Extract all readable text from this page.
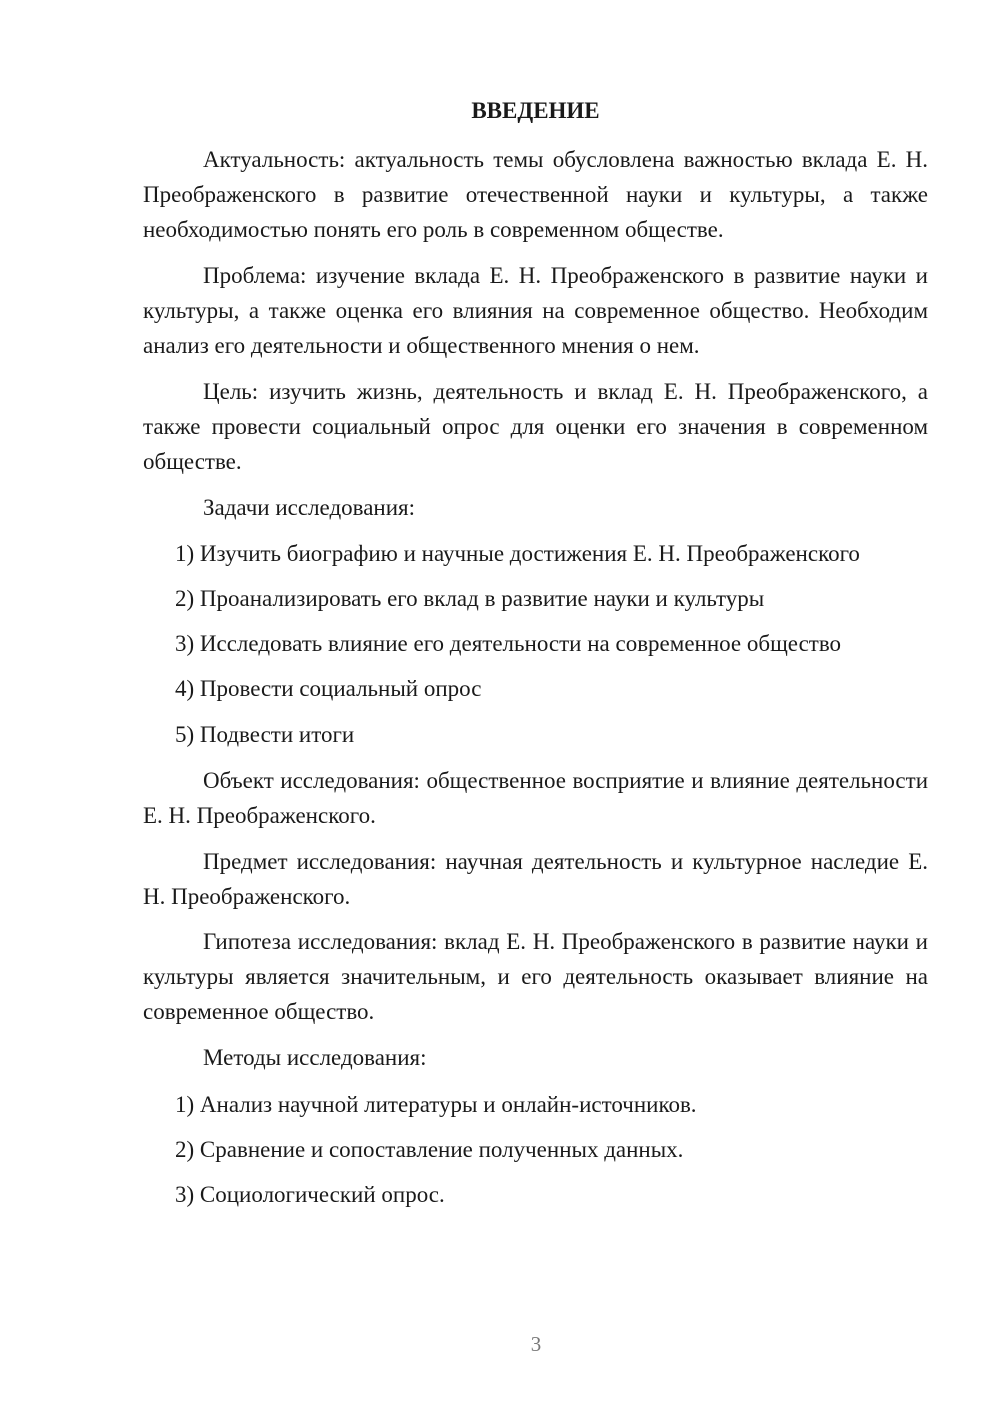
ВВЕДЕНИЕ

Актуальность: актуальность темы обусловлена важностью вклада Е. Н. Преображенского в развитие отечественной науки и культуры, а также необходимостью понять его роль в современном обществе.

Проблема: изучение вклада Е. Н. Преображенского в развитие науки и культуры, а также оценка его влияния на современное общество. Необходим анализ его деятельности и общественного мнения о нем.

Цель: изучить жизнь, деятельность и вклад Е. Н. Преображенского, а также провести социальный опрос для оценки его значения в современном обществе.

Задачи исследования:

1) Изучить биографию и научные достижения Е. Н. Преображенского

2) Проанализировать его вклад в развитие науки и культуры

3) Исследовать влияние его деятельности на современное общество

4) Провести социальный опрос

5) Подвести итоги

Объект исследования: общественное восприятие и влияние деятельности Е. Н. Преображенского.

Предмет исследования: научная деятельность и культурное наследие Е. Н. Преображенского.

Гипотеза исследования: вклад Е. Н. Преображенского в развитие науки и культуры является значительным, и его деятельность оказывает влияние на современное общество.

Методы исследования:

1) Анализ научной литературы и онлайн-источников.

2) Сравнение и сопоставление полученных данных.

3) Социологический опрос.

3
